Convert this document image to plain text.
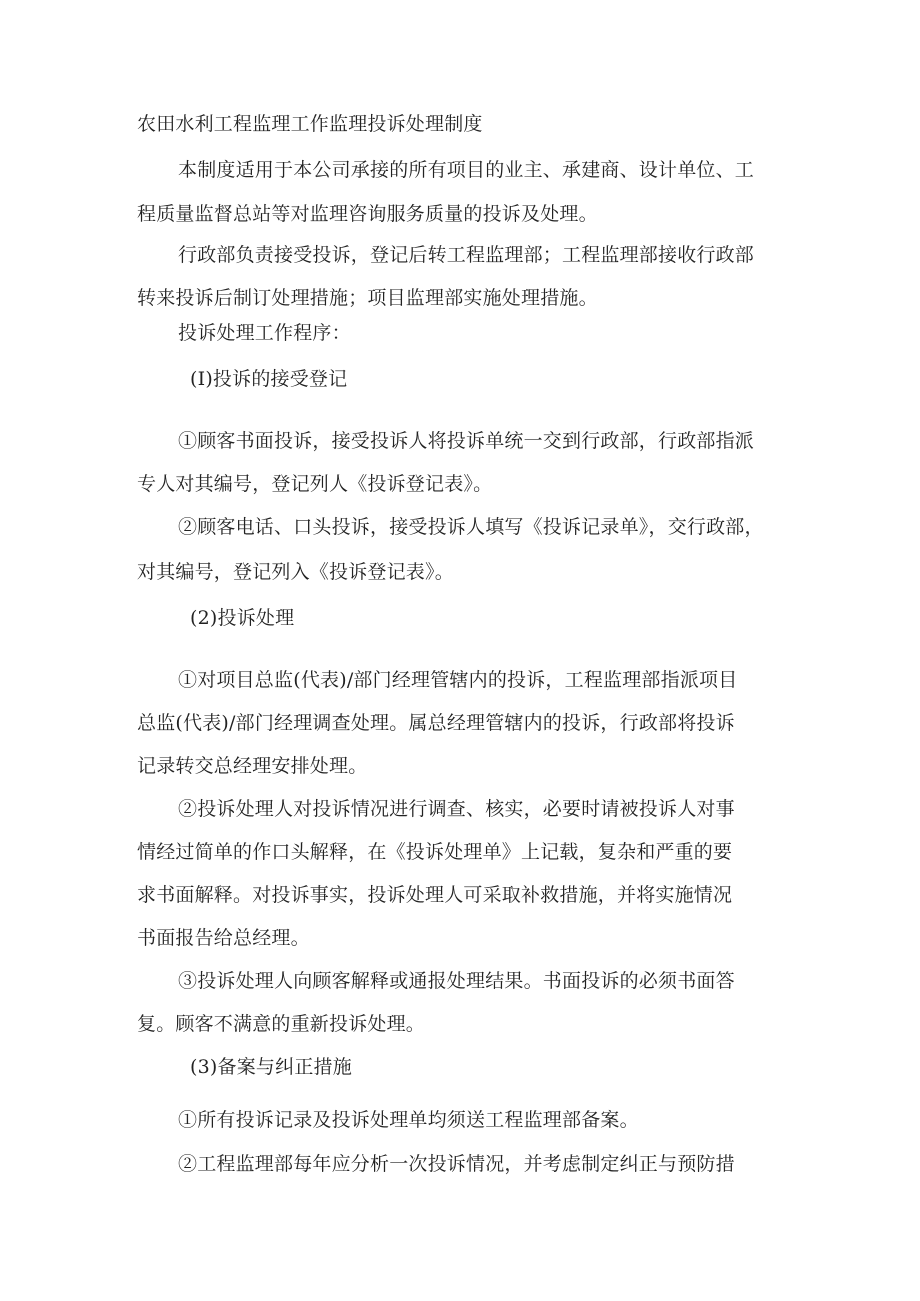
农田水利工程监理工作监理投诉处理制度
本制度适用于本公司承接的所有项目的业主、承建商、设计单位、工
程质量监督总站等对监理咨询服务质量的投诉及处理。
行政部负责接受投诉，登记后转工程监理部；工程监理部接收行政部
转来投诉后制订处理措施；项目监理部实施处理措施。
投诉处理工作程序：
(I)投诉的接受登记
①顾客书面投诉，接受投诉人将投诉单统一交到行政部，行政部指派
专人对其编号，登记列人《投诉登记表》。
②顾客电话、口头投诉，接受投诉人填写《投诉记录单》，交行政部，
对其编号，登记列入《投诉登记表》。
(2)投诉处理
①对项目总监(代表)/部门经理管辖内的投诉，工程监理部指派项目
总监(代表)/部门经理调查处理。属总经理管辖内的投诉，行政部将投诉
记录转交总经理安排处理。
②投诉处理人对投诉情况进行调查、核实，必要时请被投诉人对事
情经过简单的作口头解释，在《投诉处理单》上记载，复杂和严重的要
求书面解释。对投诉事实，投诉处理人可采取补救措施，并将实施情况
书面报告给总经理。
③投诉处理人向顾客解释或通报处理结果。书面投诉的必须书面答
复。顾客不满意的重新投诉处理。
(3)备案与纠正措施
①所有投诉记录及投诉处理单均须送工程监理部备案。
②工程监理部每年应分析一次投诉情况，并考虑制定纠正与预防措
